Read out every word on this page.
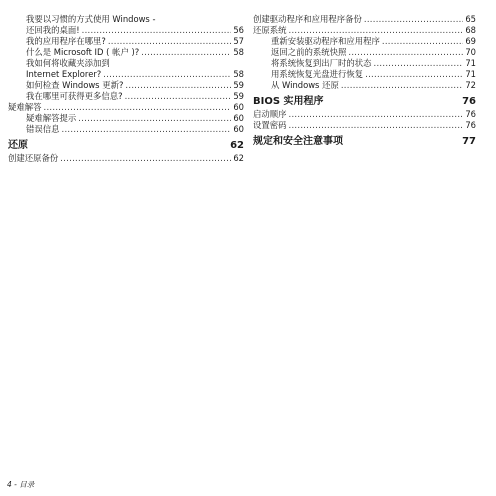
我要以习惯的方式使用 Windows -
还回我的桌面! .....	56
我的应用程序在哪里? .....	57
什么是 Microsoft ID ( 帐户 )? .....	58
我如何将收藏夹添加到
Internet Explorer? .....	58
如何检查 Windows 更新? .....	59
我在哪里可获得更多信息? .....	59
疑难解答 .....	60
疑难解答提示 .....	60
错误信息 .....	60
还原	62
创建还原备份 .....	62
创建驱动程序和应用程序备份 .....	65
还原系统 .....	68
重新安装驱动程序和应用程序 .....	69
返回之前的系统快照 .....	70
将系统恢复到出厂时的状态 .....	71
用系统恢复光盘进行恢复 .....	71
从 Windows 还原 .....	72
BIOS 实用程序	76
启动顺序 .....	76
设置密码 .....	76
规定和安全注意事项	77
4 - 目录
